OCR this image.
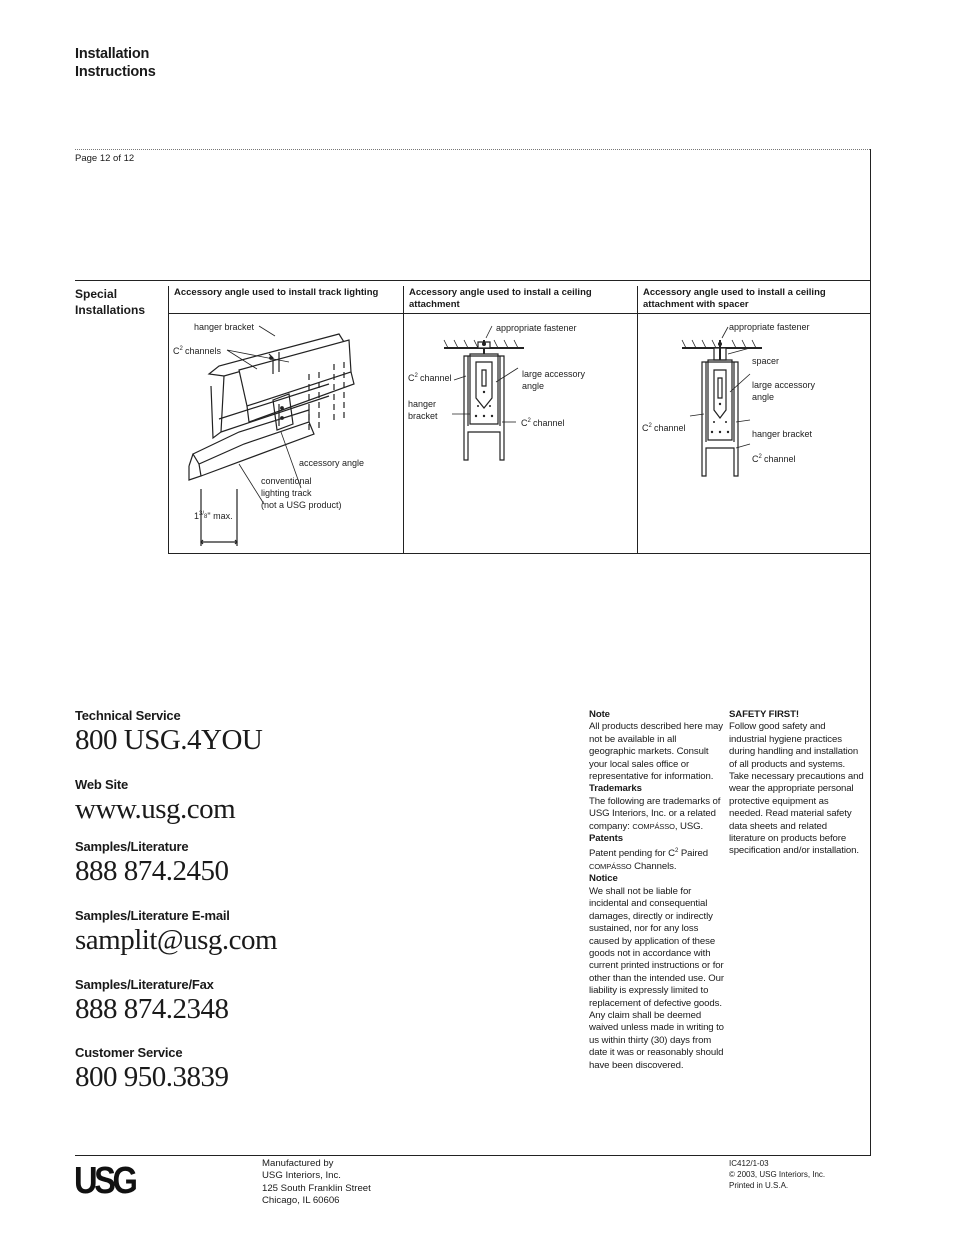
Installation
Instructions
Page 12 of 12
Special
Installations
Accessory angle used to install track lighting
hanger bracket
$C^2$ channels
accessory angle
conventional
lighting track
(not a USG product)
$1^3/_8$" max.
Accessory angle used to install a ceiling
attachment
appropriate fastener
$C^2$ channel	large accessory
angle
hanger
bracket
$C^2$ channel
Accessory angle used to install a ceiling
attachment with spacer
appropriate fastener
spacer
large accessory
angle
$C^2$ channel
hanger bracket
$C^2$ channel
Technical Service
800 USG.4YOU
Web Site
www.usg.com
Samples/Literature
888 874.2450
Samples/Literature E-mail
samplit@usg.com
Samples/Literature/Fax
888 874.2348
Customer Service
800 950.3839
Note
All products described here may not be available in all geographic markets. Consult your local sales office or representative for information.
Trademarks
The following are trademarks of USG Interiors, Inc. or a related company: COMPÁSSO, USG.
Patents
Patent pending for $C^2$ Paired
COMPÁSSO Channels.
Notice
We shall not be liable for incidental and consequential damages, directly or indirectly sustained, nor for any loss caused by application of these goods not in accordance with current printed instructions or for other than the intended use. Our liability is expressly limited to replacement of defective goods. Any claim shall be deemed waived unless made in writing to us within thirty (30) days from date it was or reasonably should have been discovered.
SAFETY FIRST!
Follow good safety and industrial hygiene practices during handling and installation of all products and systems. Take necessary precautions and wear the appropriate personal protective equipment as needed. Read material safety data sheets and related literature on products before specification and/or installation.
USG	Manufactured by
USG Interiors, Inc.
125 South Franklin Street
Chicago, IL 60606
IC412/1-03
© 2003, USG Interiors, Inc.
Printed in U.S.A.
